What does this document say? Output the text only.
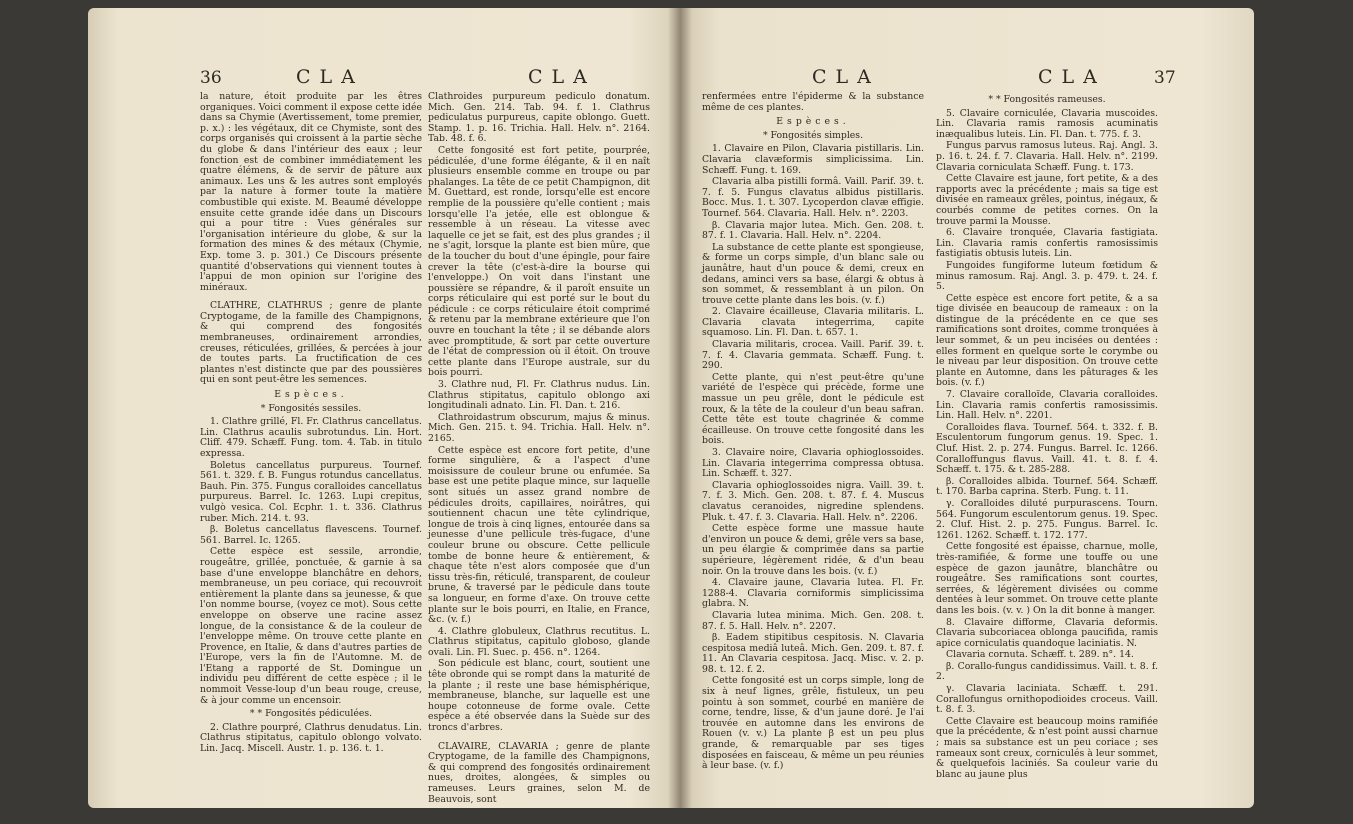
36	CLA	CLA

la nature, étoit produite par les êtres organiques. Voici comment il expose cette idée dans sa Chymie (Avertissement, tome premier, p. x.) : les végétaux, dit ce Chymiste, sont des corps organisés qui croissent à la partie sèche du globe & dans l'intérieur des eaux ; leur fonction est de combiner immédiatement les quatre élémens, & de servir de pâture aux animaux. Les uns & les autres sont employés par la nature à former toute la matière combustible qui existe. M. Beaumé développe ensuite cette grande idée dans un Discours qui a pour titre : Vues générales sur l'organisation intérieure du globe, & sur la formation des mines & des métaux (Chymie, Exp. tome 3. p. 301.) Ce Discours présente quantité d'observations qui viennent toutes à l'appui de mon opinion sur l'origine des minéraux.

CLATHRE, CLATHRUS ; genre de plante Cryptogame, de la famille des Champignons, & qui comprend des fongosités membraneuses, ordinairement arrondies, creuses, réticulées, grillées, & percées à jour de toutes parts. La fructification de ces plantes n'est distincte que par des poussières qui en sont peut-être les semences.

Espèces.

* Fongosités sessiles.

1. Clathre grillé, Fl. Fr. Clathrus cancellatus. Lin. Clathrus acaulis subrotundus. Lin. Hort. Cliff. 479. Schæff. Fung. tom. 4. Tab. in titulo expressa.

Boletus cancellatus purpureus. Tournef. 561. t. 329. f. B. Fungus rotundus cancellatus. Bauh. Pin. 375. Fungus coralloides cancellatus purpureus. Barrel. Ic. 1263. Lupi crepitus, vulgò vesica. Col. Ecphr. 1. t. 336. Clathrus ruber. Mich. 214. t. 93.

β. Boletus cancellatus flavescens. Tournef. 561. Barrel. Ic. 1265.

Cette espèce est sessile, arrondie, rougeâtre, grillée, ponctuée, & garnie à sa base d'une enveloppe blanchâtre en dehors, membraneuse, un peu coriace, qui recouvroit entièrement la plante dans sa jeunesse, & que l'on nomme bourse, (voyez ce mot). Sous cette enveloppe on observe une racine assez longue, de la consistance & de la couleur de l'enveloppe même. On trouve cette plante en Provence, en Italie, & dans d'autres parties de l'Europe, vers la fin de l'Automne. M. de l'Etang a rapporté de St. Domingue un individu peu différent de cette espèce ; il le nommoit Vesse-loup d'un beau rouge, creuse, & à jour comme un encensoir.

* * Fongosités pédiculées.

2. Clathre pourpré, Clathrus denudatus. Lin. Clathrus stipitatus, capitulo oblongo volvato. Lin. Jacq. Miscell. Austr. 1. p. 136. t. 1.

Clathroides purpureum pediculo donatum. Mich. Gen. 214. Tab. 94. f. 1. Clathrus pediculatus purpureus, capite oblongo. Guett. Stamp. 1. p. 16. Trichia. Hall. Helv. n°. 2164. Tab. 48. f. 6.

Cette fongosité est fort petite, pourprée, pédiculée, d'une forme élégante, & il en naît plusieurs ensemble comme en troupe ou par phalanges. La tête de ce petit Champignon, dit M. Guettard, est ronde, lorsqu'elle est encore remplie de la poussière qu'elle contient ; mais lorsqu'elle l'a jetée, elle est oblongue & ressemble à un réseau. La vitesse avec laquelle ce jet se fait, est des plus grandes ; il ne s'agit, lorsque la plante est bien mûre, que de la toucher du bout d'une épingle, pour faire crever la tête (c'est-à-dire la bourse qui l'enveloppe.) On voit dans l'instant une poussière se répandre, & il paroît ensuite un corps réticulaire qui est porté sur le bout du pédicule : ce corps réticulaire étoit comprimé & retenu par la membrane extérieure que l'on ouvre en touchant la tête ; il se débande alors avec promptitude, & sort par cette ouverture de l'état de compression où il étoit. On trouve cette plante dans l'Europe australe, sur du bois pourri.

3. Clathre nud, Fl. Fr. Clathrus nudus. Lin. Clathrus stipitatus, capitulo oblongo axi longitudinali adnato. Lin. Fl. Dan. t. 216.

Clathroidastrum obscurum, majus & minus. Mich. Gen. 215. t. 94. Trichia. Hall. Helv. n°. 2165.

Cette espèce est encore fort petite, d'une forme singulière, & a l'aspect d'une moisissure de couleur brune ou enfumée. Sa base est une petite plaque mince, sur laquelle sont situés un assez grand nombre de pédicules droits, capillaires, noirâtres, qui soutiennent chacun une tête cylindrique, longue de trois à cinq lignes, entourée dans sa jeunesse d'une pellicule très-fugace, d'une couleur brune ou obscure. Cette pellicule tombe de bonne heure & entièrement, & chaque tête n'est alors composée que d'un tissu très-fin, réticulé, transparent, de couleur brune, & traversé par le pédicule dans toute sa longueur, en forme d'axe. On trouve cette plante sur le bois pourri, en Italie, en France, &c. (v. f.)

4. Clathre globuleux, Clathrus recutitus. L. Clathrus stipitatus, capitulo globoso, glande ovali. Lin. Fl. Suec. p. 456. n°. 1264.

Son pédicule est blanc, court, soutient une tête obronde qui se rompt dans la maturité de la plante ; il reste une base hémisphérique, membraneuse, blanche, sur laquelle est une houpe cotonneuse de forme ovale. Cette espèce a été observée dans la Suède sur des troncs d'arbres.

CLAVAIRE, CLAVARIA ; genre de plante Cryptogame, de la famille des Champignons, & qui comprend des fongosités ordinairement nues, droites, alongées, & simples ou rameuses. Leurs graines, selon M. de Beauvois, sont

CLA	CLA	37

renfermées entre l'épiderme & la substance même de ces plantes.

Espèces.

* Fongosités simples.

1. Clavaire en Pilon, Clavaria pistillaris. Lin. Clavaria clavæformis simplicissima. Lin. Schæff. Fung. t. 169.

Clavaria alba pistilli formâ. Vaill. Parif. 39. t. 7. f. 5. Fungus clavatus albidus pistillaris. Bocc. Mus. 1. t. 307. Lycoperdon clavæ effigie. Tournef. 564. Clavaria. Hall. Helv. n°. 2203.

β. Clavaria major lutea. Mich. Gen. 208. t. 87. f. 1. Clavaria. Hall. Helv. n°. 2204.

La substance de cette plante est spongieuse, & forme un corps simple, d'un blanc sale ou jaunâtre, haut d'un pouce & demi, creux en dedans, aminci vers sa base, élargi & obtus à son sommet, & ressemblant à un pilon. On trouve cette plante dans les bois. (v. f.)

2. Clavaire écailleuse, Clavaria militaris. L. Clavaria clavata integerrima, capite squamoso. Lin. Fl. Dan. t. 657. 1.

Clavaria militaris, crocea. Vaill. Parif. 39. t. 7. f. 4. Clavaria gemmata. Schæff. Fung. t. 290.

Cette plante, qui n'est peut-être qu'une variété de l'espèce qui précède, forme une massue un peu grêle, dont le pédicule est roux, & la tête de la couleur d'un beau safran. Cette tête est toute chagrinée & comme écailleuse. On trouve cette fongosité dans les bois.

3. Clavaire noire, Clavaria ophioglossoides. Lin. Clavaria integerrima compressa obtusa. Lin. Schæff. t. 327.

Clavaria ophioglossoides nigra. Vaill. 39. t. 7. f. 3. Mich. Gen. 208. t. 87. f. 4. Muscus clavatus ceranoides, nigredine splendens. Pluk. t. 47. f. 3. Clavaria. Hall. Helv. n°. 2206.

Cette espèce forme une massue haute d'environ un pouce & demi, grêle vers sa base, un peu élargie & comprimée dans sa partie supérieure, légèrement ridée, & d'un beau noir. On la trouve dans les bois. (v. f.)

4. Clavaire jaune, Clavaria lutea. Fl. Fr. 1288-4. Clavaria corniformis simplicissima glabra. N.

Clavaria lutea minima. Mich. Gen. 208. t. 87. f. 5. Hall. Helv. n°. 2207.

β. Eadem stipitibus cespitosis. N. Clavaria cespitosa mediâ luteâ. Mich. Gen. 209. t. 87. f. 11. An Clavaria cespitosa. Jacq. Misc. v. 2. p. 98. t. 12. f. 2.

Cette fongosité est un corps simple, long de six à neuf lignes, grêle, fistuleux, un peu pointu à son sommet, courbé en manière de corne, tendre, lisse, & d'un jaune doré. Je l'ai trouvée en automne dans les environs de Rouen (v. v.) La plante β est un peu plus grande, & remarquable par ses tiges disposées en faisceau, & même un peu réunies à leur base. (v. f.)

* * Fongosités rameuses.

5. Clavaire corniculée, Clavaria muscoides. Lin. Clavaria ramis ramosis acuminatis inæqualibus luteis. Lin. Fl. Dan. t. 775. f. 3.

Fungus parvus ramosus luteus. Raj. Angl. 3. p. 16. t. 24. f. 7. Clavaria. Hall. Helv. n°. 2199. Clavaria corniculata Schæff. Fung. t. 173.

Cette Clavaire est jaune, fort petite, & a des rapports avec la précédente ; mais sa tige est divisée en rameaux grêles, pointus, inégaux, & courbés comme de petites cornes. On la trouve parmi la Mousse.

6. Clavaire tronquée, Clavaria fastigiata. Lin. Clavaria ramis confertis ramosissimis fastigiatis obtusis luteis. Lin.

Fungoides fungiforme luteum fœtidum & minus ramosum. Raj. Angl. 3. p. 479. t. 24. f. 5.

Cette espèce est encore fort petite, & a sa tige divisée en beaucoup de rameaux : on la distingue de la précédente en ce que ses ramifications sont droites, comme tronquées à leur sommet, & un peu incisées ou dentées : elles forment en quelque sorte le corymbe ou le niveau par leur disposition. On trouve cette plante en Automne, dans les pâturages & les bois. (v. f.)

7. Clavaire coralloïde, Clavaria coralloides. Lin. Clavaria ramis confertis ramosissimis. Lin. Hall. Helv. n°. 2201.

Coralloides flava. Tournef. 564. t. 332. f. B. Esculentorum fungorum genus. 19. Spec. 1. Cluf. Hist. 2. p. 274. Fungus. Barrel. Ic. 1266. Coralloffungus flavus. Vaill. 41. t. 8. f. 4. Schæff. t. 175. & t. 285-288.

β. Coralloides albida. Tournef. 564. Schæff. t. 170. Barba caprina. Sterb. Fung. t. 11.

γ. Coralloides diluté purpurascens. Tourn. 564. Fungorum esculentorum genus. 19. Spec. 2. Cluf. Hist. 2. p. 275. Fungus. Barrel. Ic. 1261. 1262. Schæff. t. 172. 177.

Cette fongosité est épaisse, charnue, molle, très-ramifiée, & forme une touffe ou une espèce de gazon jaunâtre, blanchâtre ou rougeâtre. Ses ramifications sont courtes, serrées, & légèrement divisées ou comme dentées à leur sommet. On trouve cette plante dans les bois. (v. v. ) On la dit bonne à manger.

8. Clavaire difforme, Clavaria deformis. Clavaria subcoriacea oblonga paucifida, ramis apice corniculatis quandoque laciniatis. N.

Clavaria cornuta. Schæff. t. 289. n°. 14.

β. Corallo-fungus candidissimus. Vaill. t. 8. f. 2.

γ. Clavaria laciniata. Schæff. t. 291. Corallofungus ornithopodioides croceus. Vaill. t. 8. f. 3.

Cette Clavaire est beaucoup moins ramifiée que la précédente, & n'est point aussi charnue ; mais sa substance est un peu coriace ; ses rameaux sont creux, corniculés à leur sommet, & quelquefois laciniés. Sa couleur varie du blanc au jaune plus
